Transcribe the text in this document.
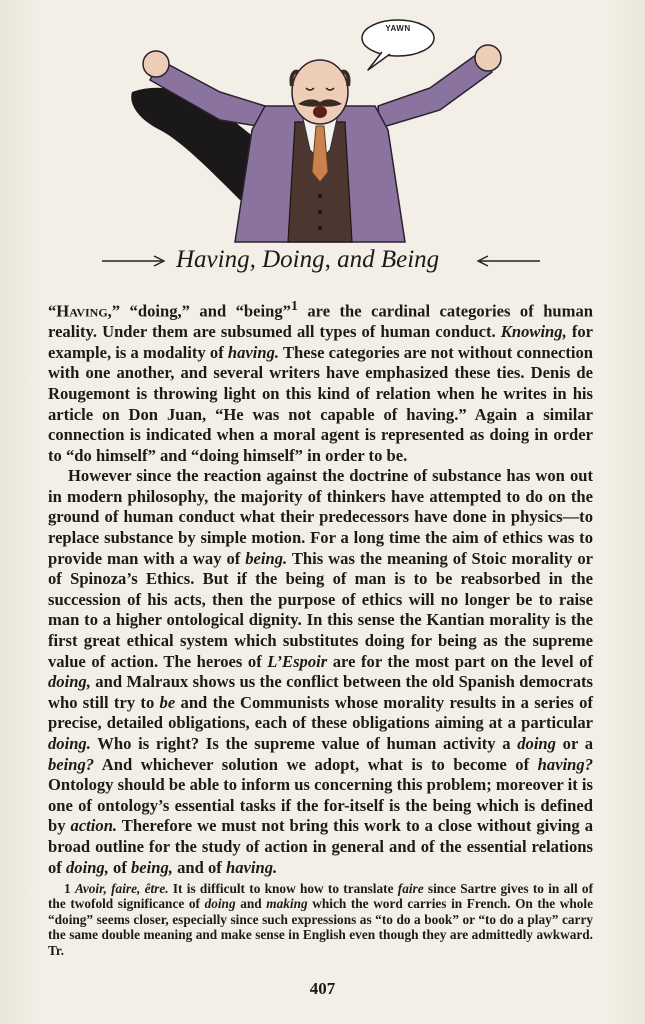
YAWN
Having, Doing, and Being

“Having,” “doing,” and “being”$^1$ are the cardinal categories of human reality. Under them are subsumed all types of human conduct. Knowing, for example, is a modality of having. These categories are not without connection with one another, and several writers have emphasized these ties. Denis de Rougemont is throwing light on this kind of relation when he writes in his article on Don Juan, “He was not capable of having.” Again a similar connection is indicated when a moral agent is represented as doing in order to “do himself” and “doing himself” in order to be.

However since the reaction against the doctrine of substance has won out in modern philosophy, the majority of thinkers have attempted to do on the ground of human conduct what their predecessors have done in physics—to replace substance by simple motion. For a long time the aim of ethics was to provide man with a way of being. This was the meaning of Stoic morality or of Spinoza’s Ethics. But if the being of man is to be reabsorbed in the succession of his acts, then the purpose of ethics will no longer be to raise man to a higher ontological dignity. In this sense the Kantian morality is the first great ethical system which substitutes doing for being as the supreme value of action. The heroes of L’Espoir are for the most part on the level of doing, and Malraux shows us the conflict between the old Spanish democrats who still try to be and the Communists whose morality results in a series of precise, detailed obligations, each of these obligations aiming at a particular doing. Who is right? Is the supreme value of human activity a doing or a being? And whichever solution we adopt, what is to become of having? Ontology should be able to inform us concerning this problem; moreover it is one of ontology’s essential tasks if the for-itself is the being which is defined by action. Therefore we must not bring this work to a close without giving a broad outline for the study of action in general and of the essential relations of doing, of being, and of having.

1 Avoir, faire, être. It is difficult to know how to translate faire since Sartre gives to in all of the twofold significance of doing and making which the word carries in French. On the whole “doing” seems closer, especially since such expressions as “to do a book” or “to do a play” carry the same double meaning and make sense in English even though they are admittedly awkward. Tr.

407
